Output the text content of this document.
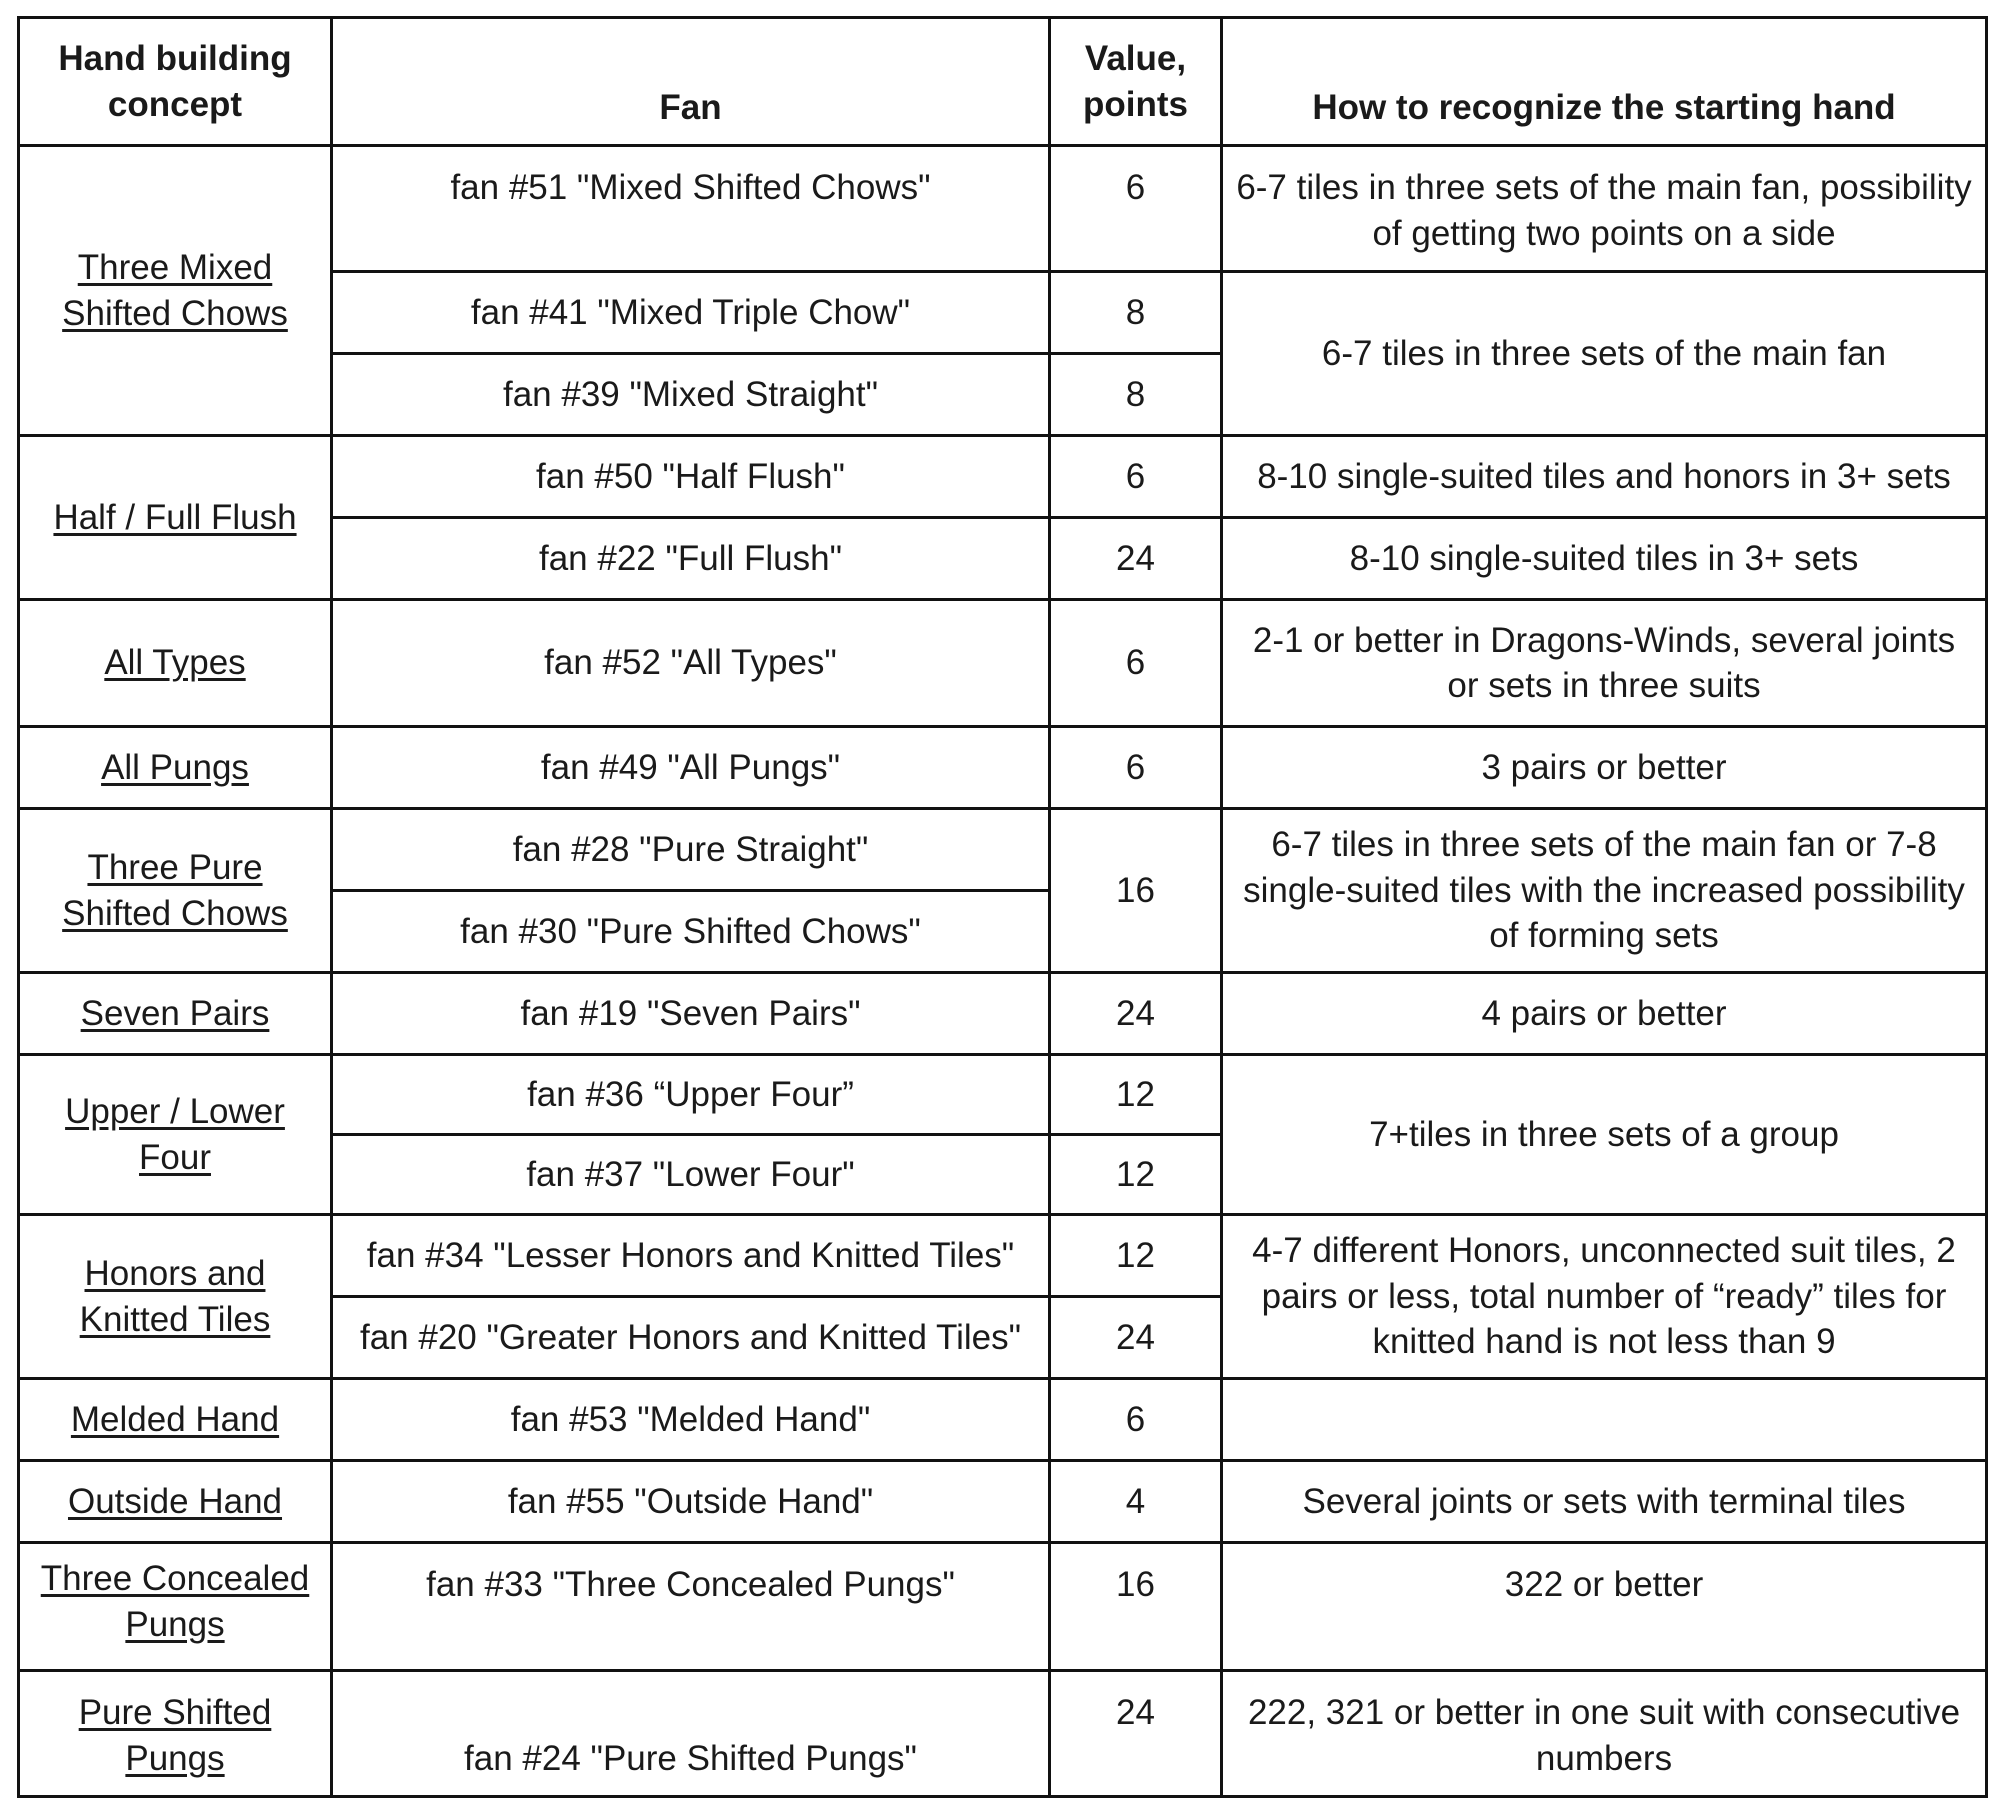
Hand building concept	Fan	Value, points	How to recognize the starting hand
Three Mixed Shifted Chows	fan #51 "Mixed Shifted Chows"	6	6-7 tiles in three sets of the main fan, possibility of getting two points on a side
	fan #41 "Mixed Triple Chow"	8	6-7 tiles in three sets of the main fan
	fan #39 "Mixed Straight"	8	
Half / Full Flush	fan #50 "Half Flush"	6	8-10 single-suited tiles and honors in 3+ sets
	fan #22 "Full Flush"	24	8-10 single-suited tiles in 3+ sets
All Types	fan #52 "All Types"	6	2-1 or better in Dragons-Winds, several joints or sets in three suits
All Pungs	fan #49 "All Pungs"	6	3 pairs or better
Three Pure Shifted Chows	fan #28 "Pure Straight"	16	6-7 tiles in three sets of the main fan or 7-8 single-suited tiles with the increased possibility of forming sets
	fan #30 "Pure Shifted Chows"		
Seven Pairs	fan #19 "Seven Pairs"	24	4 pairs or better
Upper / Lower Four	fan #36 “Upper Four”	12	7+tiles in three sets of a group
	fan #37 "Lower Four"	12	
Honors and Knitted Tiles	fan #34 "Lesser Honors and Knitted Tiles"	12	4-7 different Honors, unconnected suit tiles, 2 pairs or less, total number of “ready” tiles for knitted hand is not less than 9
	fan #20 "Greater Honors and Knitted Tiles"	24	
Melded Hand	fan #53 "Melded Hand"	6	
Outside Hand	fan #55 "Outside Hand"	4	Several joints or sets with terminal tiles
Three Concealed Pungs	fan #33 "Three Concealed Pungs"	16	322 or better
Pure Shifted Pungs	fan #24 "Pure Shifted Pungs"	24	222, 321 or better in one suit with consecutive numbers
